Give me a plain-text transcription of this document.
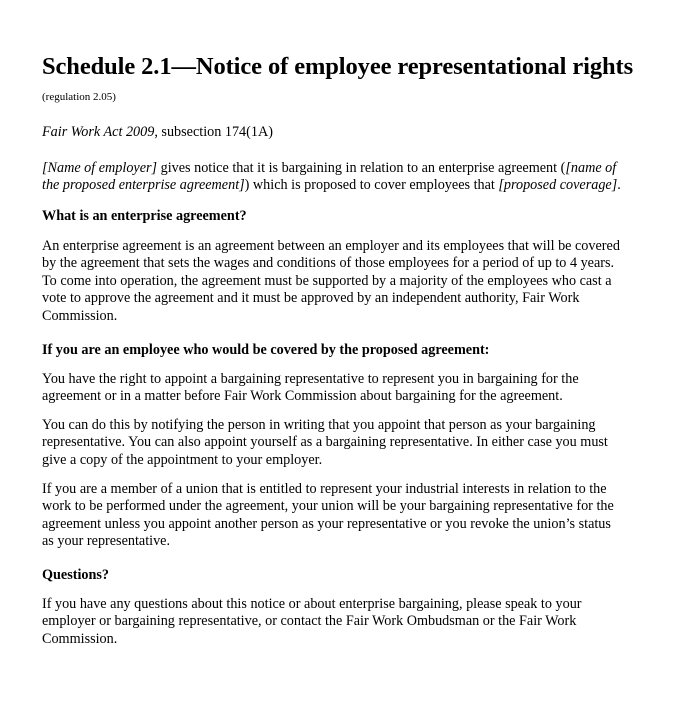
Schedule 2.1—Notice of employee representational rights
(regulation 2.05)
Fair Work Act 2009, subsection 174(1A)
[Name of employer] gives notice that it is bargaining in relation to an enterprise agreement ([name of
the proposed enterprise agreement]) which is proposed to cover employees that [proposed coverage].
What is an enterprise agreement?
An enterprise agreement is an agreement between an employer and its employees that will be covered
by the agreement that sets the wages and conditions of those employees for a period of up to 4 years.
To come into operation, the agreement must be supported by a majority of the employees who cast a
vote to approve the agreement and it must be approved by an independent authority, Fair Work
Commission.
If you are an employee who would be covered by the proposed agreement:
You have the right to appoint a bargaining representative to represent you in bargaining for the
agreement or in a matter before Fair Work Commission about bargaining for the agreement.
You can do this by notifying the person in writing that you appoint that person as your bargaining
representative. You can also appoint yourself as a bargaining representative. In either case you must
give a copy of the appointment to your employer.
If you are a member of a union that is entitled to represent your industrial interests in relation to the
work to be performed under the agreement, your union will be your bargaining representative for the
agreement unless you appoint another person as your representative or you revoke the union’s status
as your representative.
Questions?
If you have any questions about this notice or about enterprise bargaining, please speak to your
employer or bargaining representative, or contact the Fair Work Ombudsman or the Fair Work
Commission.
